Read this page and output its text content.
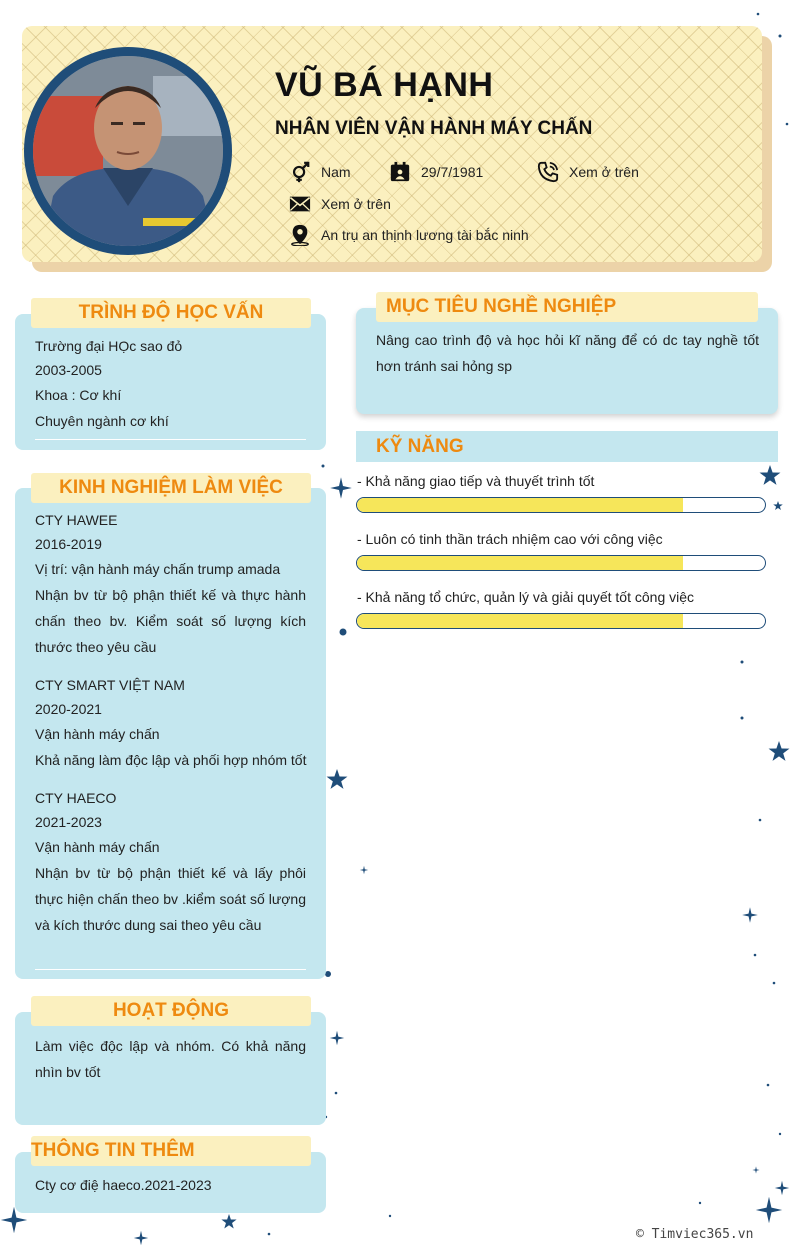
VŨ BÁ HẠNH
NHÂN VIÊN VẬN HÀNH MÁY CHẤN
Nam	29/7/1981	Xem ở trên
Xem ở trên
An trụ an thịnh lương tài bắc ninh
TRÌNH ĐỘ HỌC VẤN
Trường đại HỌc sao đỏ
2003-2005
Khoa : Cơ khí
Chuyên ngành cơ khí
KINH NGHIỆM LÀM VIỆC
CTY HAWEE
2016-2019
Vị trí: vận hành máy chấn trump amada
Nhận bv từ bộ phận thiết kế và thực hành chấn theo bv. Kiểm soát số lượng kích thước theo yêu cầu
CTY SMART VIỆT NAM
2020-2021
Vận hành máy chấn
Khả năng làm độc lập và phối hợp nhóm tốt
CTY HAECO
2021-2023
Vận hành máy chấn
Nhận bv từ bộ phận thiết kế và lấy phôi thực hiện chấn theo bv .kiểm soát số lượng và kích thước dung sai theo yêu cầu
HOẠT ĐỘNG
Làm việc độc lập và nhóm. Có khả năng nhìn bv tốt
THÔNG TIN THÊM
Cty cơ điệ haeco.2021-2023
MỤC TIÊU NGHỀ NGHIỆP
Nâng cao trình độ và học hỏi kĩ năng để có dc tay nghề tốt hơn tránh sai hỏng sp
KỸ NĂNG
- Khả năng giao tiếp và thuyết trình tốt
- Luôn có tinh thần trách nhiệm cao với công việc
- Khả năng tổ chức, quản lý và giải quyết tốt công việc
© Timviec365.vn
